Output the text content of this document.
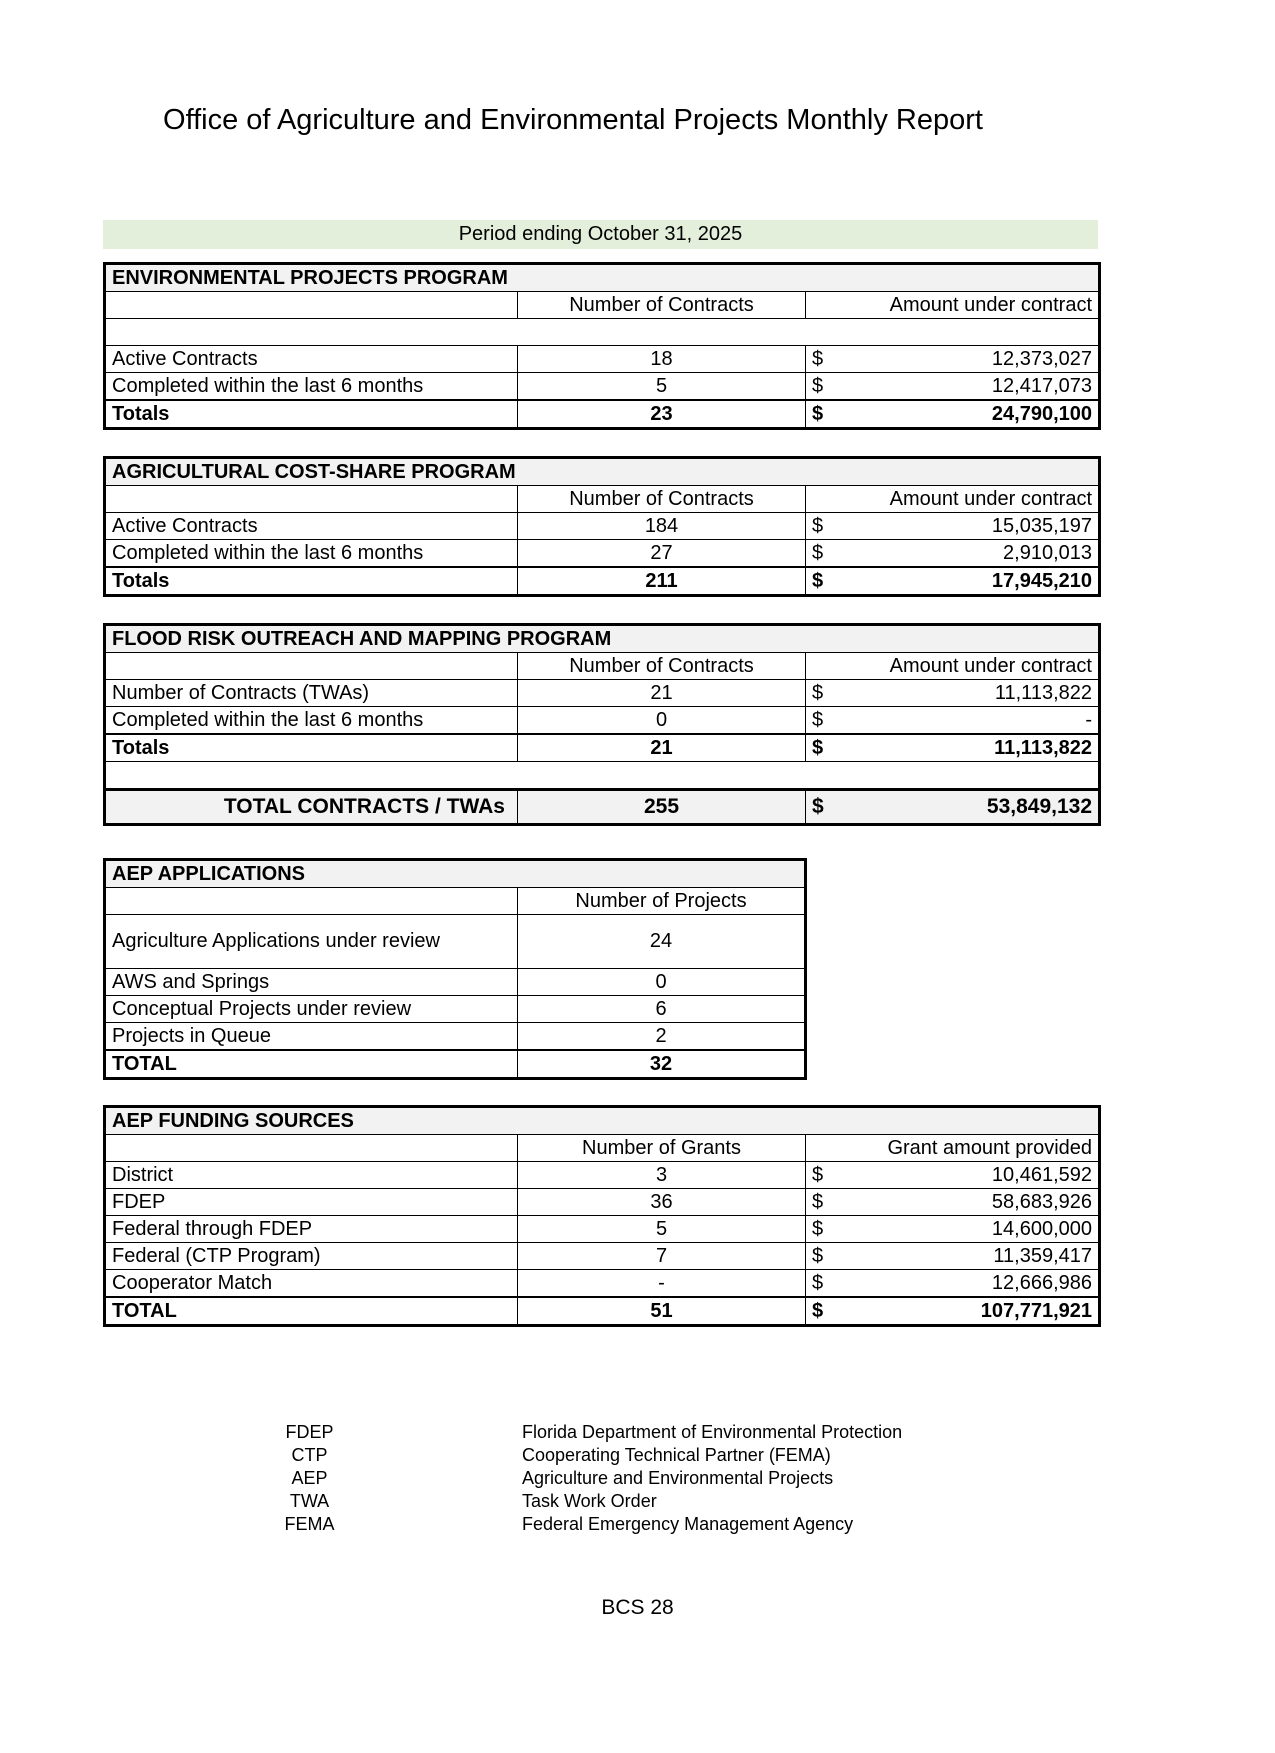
Office of Agriculture and Environmental Projects Monthly Report
Period ending October 31, 2025
ENVIRONMENTAL PROJECTS PROGRAM		
	Number of Contracts	Amount under contract

Active Contracts	18	$ 12,373,027

Completed within the last 6 months	5	$ 12,417,073

Totals	23	$ 24,790,100
AGRICULTURAL COST-SHARE PROGRAM		
	Number of Contracts	Amount under contract
Active Contracts	184	$ 15,035,197

Completed within the last 6 months	27	$ 2,910,013

Totals	211	$ 17,945,210
FLOOD RISK OUTREACH AND MAPPING PROGRAM		
	Number of Contracts	Amount under contract
Number of Contracts (TWAs)	21	$ 11,113,822

Completed within the last 6 months	0	$ -

Totals	21	$ 11,113,822

TOTAL CONTRACTS / TWAs	255	$ 53,849,132
AEP APPLICATIONS	
	Number of Projects
Agriculture Applications under review	24
AWS and Springs	0
Conceptual Projects under review	6
Projects in Queue	2
TOTAL	32
AEP FUNDING SOURCES		
	Number of Grants	Grant amount provided
District	3	$ 10,461,592

FDEP	36	$ 58,683,926

Federal through FDEP	5	$ 14,600,000

Federal (CTP Program)	7	$ 11,359,417

Cooperator Match	-	$ 12,666,986

TOTAL	51	$ 107,771,921
FDEP	Florida Department of Environmental Protection
CTP	Cooperating Technical Partner (FEMA)
AEP	Agriculture and Environmental Projects
TWA	Task Work Order
FEMA	Federal Emergency Management Agency
BCS 28
